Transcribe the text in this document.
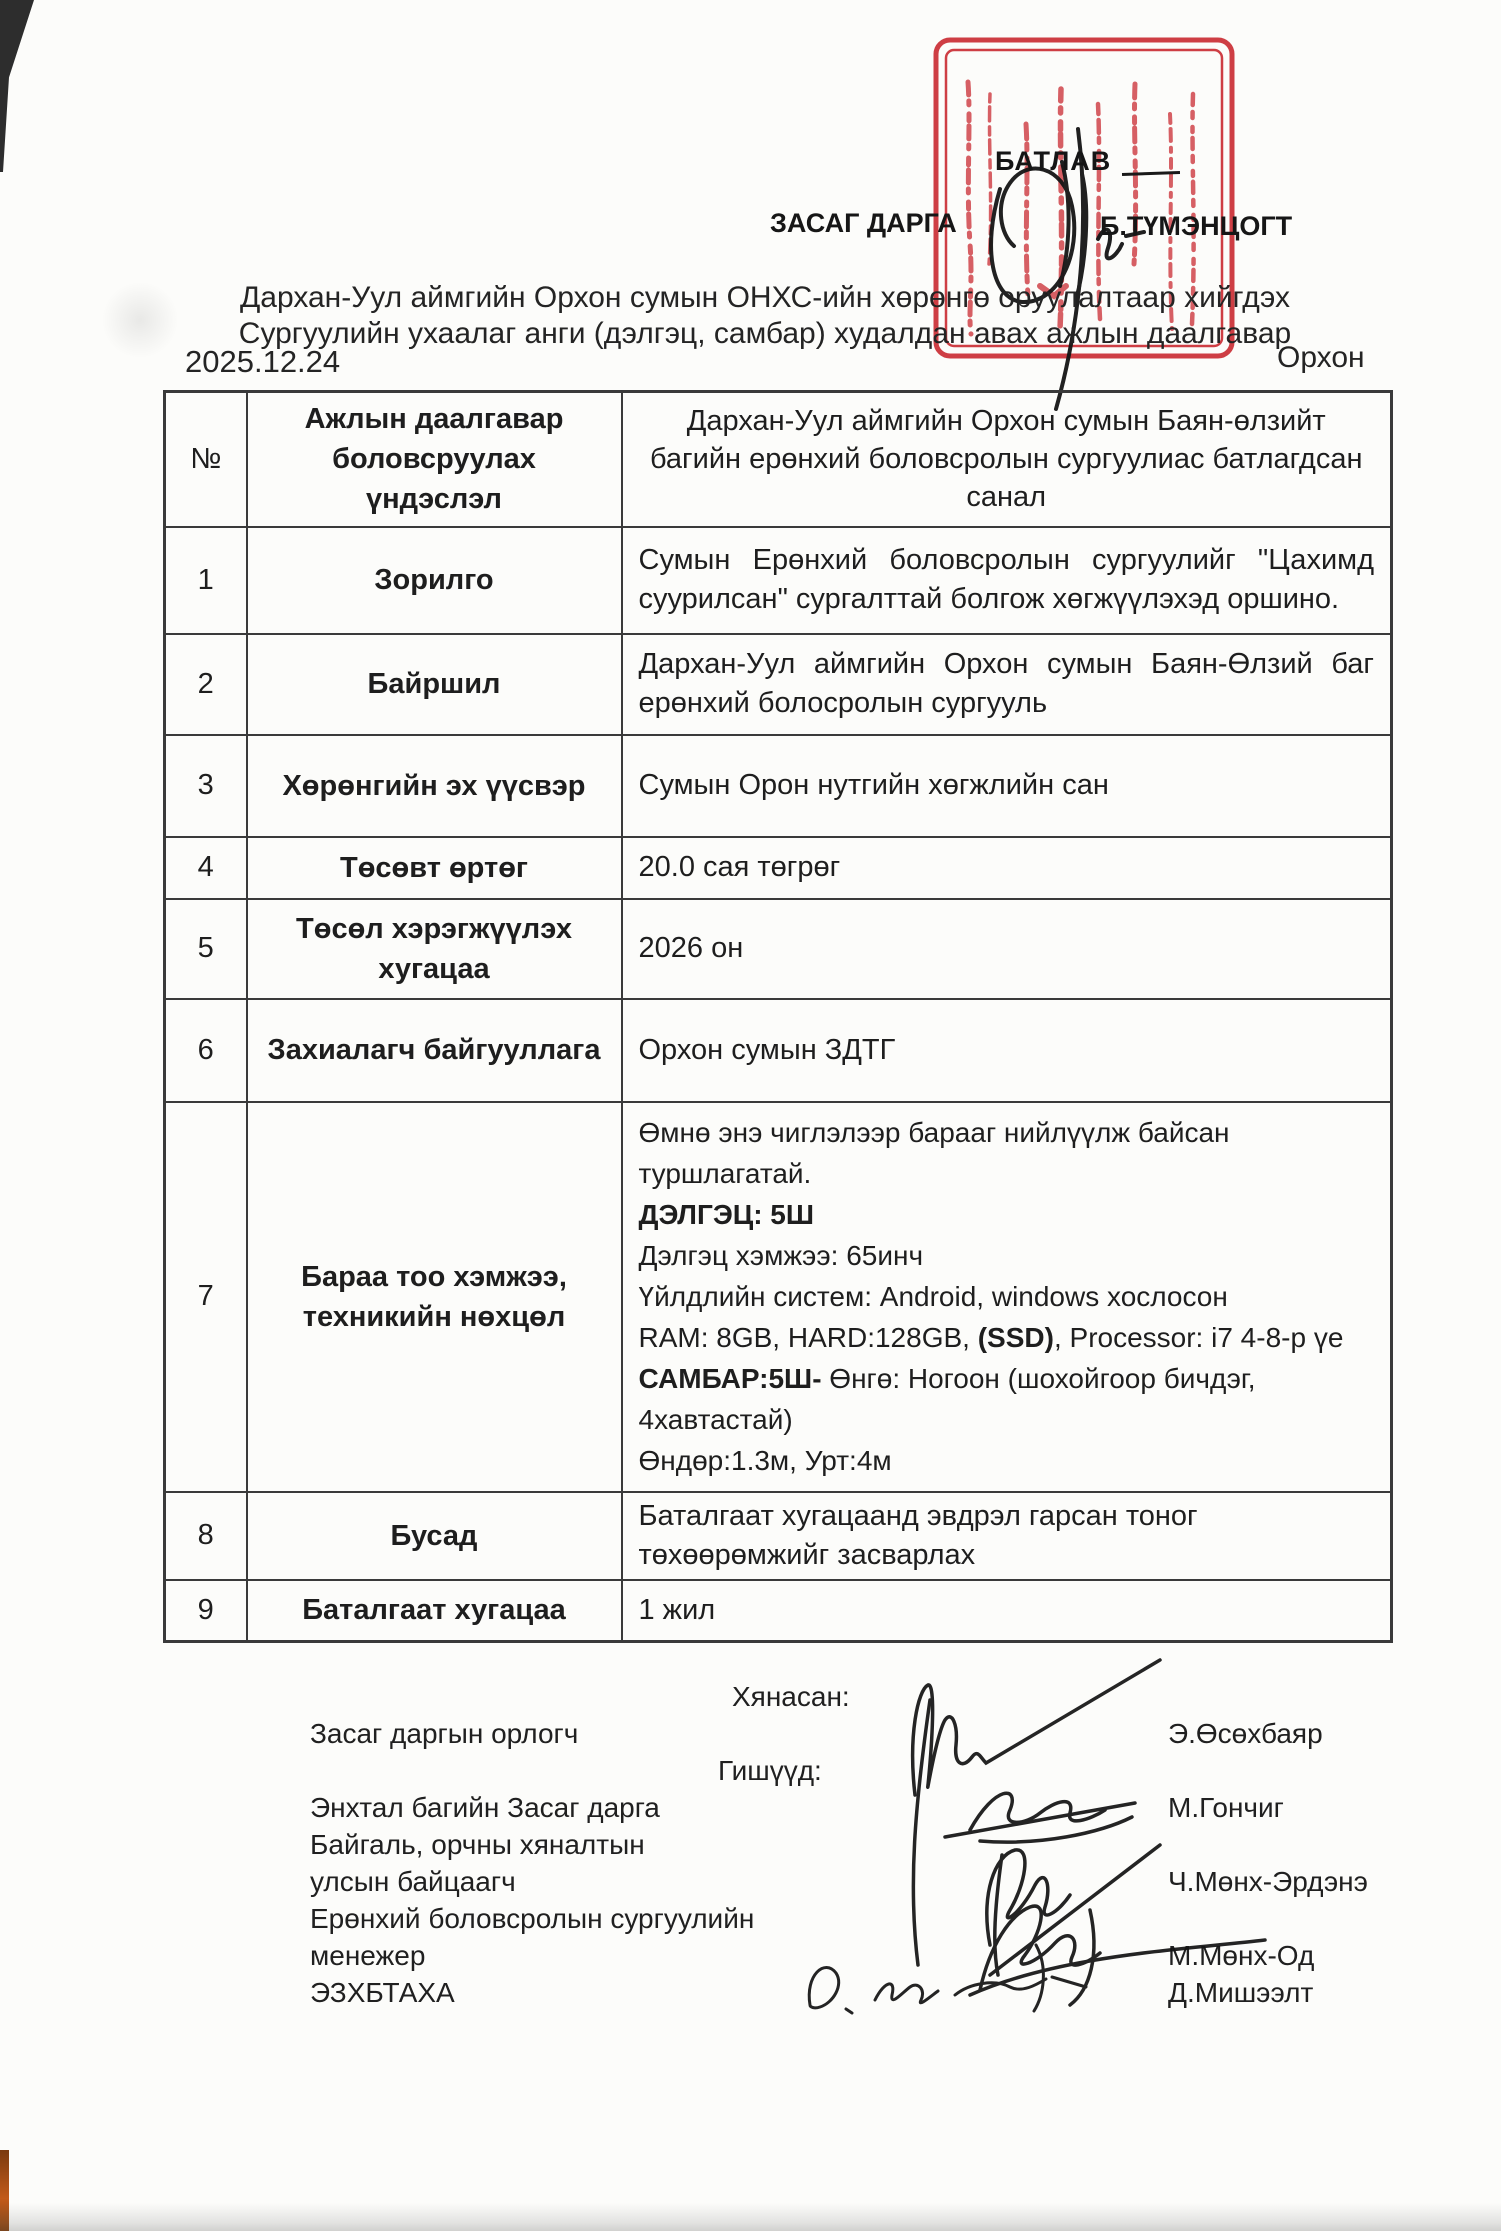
БАТЛАВ
ЗАСАГ ДАРГА	Б.ТҮМЭНЦОГТ
Дархан-Уул аймгийн Орхон сумын ОНХС-ийн хөрөнгө оруулалтаар хийгдэх
Сургуулийн ухаалаг анги (дэлгэц, самбар) худалдан авах ажлын даалгавар
2025.12.24	Орхон
№	Ажлын даалгавар боловсруулах үндэслэл	Дархан-Уул аймгийн Орхон сумын Баян-өлзийт багийн ерөнхий боловсролын сургуулиас батлагдсан санал
1	Зорилго	Сумын Ерөнхий боловсролын сургуулийг "Цахимд суурилсан" сургалттай болгож хөгжүүлэхэд оршино.

2	Байршил	Дархан-Уул аймгийн Орхон сумын Баян-Өлзий баг ерөнхий болосролын сургууль

3	Хөрөнгийн эх үүсвэр	Сумын Орон нутгийн хөгжлийн сан

4	Төсөвт өртөг	20.0 сая төгрөг

5	Төсөл хэрэгжүүлэх хугацаа	2026 он

6	Захиалагч байгууллага	Орхон сумын ЗДТГ

7	Бараа тоо хэмжээ, техникийн нөхцөл	
Өмнө энэ чиглэлээр барааг нийлүүлж байсан
туршлагатай.
ДЭЛГЭЦ: 5Ш
Дэлгэц хэмжээ: 65инч
Үйлдлийн систем: Android, windows хослосон
RAM: 8GB, HARD:128GB, (SSD), Processor: i7 4-8-р үе
САМБАР:5Ш- Өнгө: Ногоон (шохойгоор бичдэг,
4хавтастай)
Өндөр:1.3м, Урт:4м

8	Бусад	Баталгаат хугацаанд эвдрэл гарсан тоног төхөөрөмжийг засварлах

9	Баталгаат хугацаа	1 жил
Хянасан:
Засаг даргын орлогч	Э.Өсөхбаяр
Гишүүд:
Энхтал багийн Засаг дарга	М.Гончиг
Байгаль, орчны хяналтын
улсын байцаагч	Ч.Мөнх-Эрдэнэ
Ерөнхий боловсролын сургуулийн
менежер	М.Мөнх-Од
ЭЗХБТАХА	Д.Мишээлт
